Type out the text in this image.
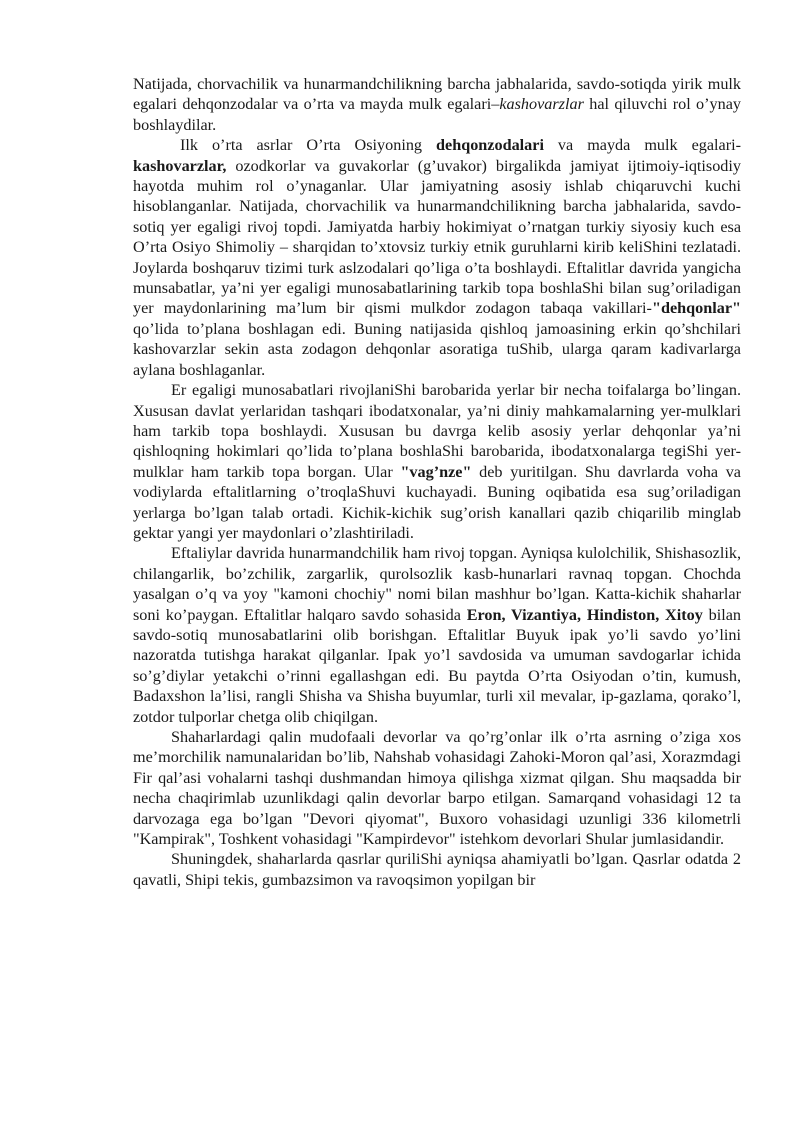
Natijada, chorvachilik va hunarmandchilikning barcha jabhalarida, savdo-sotiqda yirik mulk egalari dehqonzodalar va o’rta va mayda mulk egalari–kashovarzlar hal qiluvchi rol o’ynay boshlaydilar.

Ilk o’rta asrlar O’rta Osiyoning dehqonzodalari va mayda mulk egalari-kashovarzlar, ozodkorlar va guvakorlar (g’uvakor) birgalikda jamiyat ijtimoiy-iqtisodiy hayotda muhim rol o’ynaganlar. Ular jamiyatning asosiy ishlab chiqaruvchi kuchi hisoblanganlar. Natijada, chorvachilik va hunarmandchilikning barcha jabhalarida, savdo-sotiq yer egaligi rivoj topdi. Jamiyatda harbiy hokimiyat o’rnatgan turkiy siyosiy kuch esa O’rta Osiyo Shimoliy – sharqidan to’xtovsiz turkiy etnik guruhlarni kirib keliShini tezlatadi. Joylarda boshqaruv tizimi turk aslzodalari qo’liga o’ta boshlaydi. Eftalitlar davrida yangicha munsabatlar, ya’ni yer egaligi munosabatlarining tarkib topa boshlaShi bilan sug’oriladigan yer maydonlarining ma’lum bir qismi mulkdor zodagon tabaqa vakillari-"dehqonlar" qo’lida to’plana boshlagan edi. Buning natijasida qishloq jamoasining erkin qo’shchilari kashovarzlar sekin asta zodagon dehqonlar asoratiga tuShib, ularga qaram kadivarlarga aylana boshlaganlar.

Er egaligi munosabatlari rivojlaniShi barobarida yerlar bir necha toifalarga bo’lingan. Xususan davlat yerlaridan tashqari ibodatxonalar, ya’ni diniy mahkamalarning yer-mulklari ham tarkib topa boshlaydi. Xususan bu davrga kelib asosiy yerlar dehqonlar ya’ni qishloqning hokimlari qo’lida to’plana boshlaShi barobarida, ibodatxonalarga tegiShi yer-mulklar ham tarkib topa borgan. Ular "vag’nze" deb yuritilgan. Shu davrlarda voha va vodiylarda eftalitlarning o’troqlaShuvi kuchayadi. Buning oqibatida esa sug’oriladigan yerlarga bo’lgan talab ortadi. Kichik-kichik sug’orish kanallari qazib chiqarilib minglab gektar yangi yer maydonlari o’zlashtiriladi.

Eftaliylar davrida hunarmandchilik ham rivoj topgan. Ayniqsa kulolchilik, Shishasozlik, chilangarlik, bo’zchilik, zargarlik, qurolsozlik kasb-hunarlari ravnaq topgan. Chochda yasalgan o’q va yoy "kamoni chochiy" nomi bilan mashhur bo’lgan. Katta-kichik shaharlar soni ko’paygan. Eftalitlar halqaro savdo sohasida Eron, Vizantiya, Hindiston, Xitoy bilan savdo-sotiq munosabatlarini olib borishgan. Eftalitlar Buyuk ipak yo’li savdo yo’lini nazoratda tutishga harakat qilganlar. Ipak yo’l savdosida va umuman savdogarlar ichida so’g’diylar yetakchi o’rinni egallashgan edi. Bu paytda O’rta Osiyodan o’tin, kumush, Badaxshon la’lisi, rangli Shisha va Shisha buyumlar, turli xil mevalar, ip-gazlama, qorako’l, zotdor tulporlar chetga olib chiqilgan.

Shaharlardagi qalin mudofaali devorlar va qo’rg’onlar ilk o’rta asrning o’ziga xos me’morchilik namunalaridan bo’lib, Nahshab vohasidagi Zahoki-Moron qal’asi, Xorazmdagi Fir qal’asi vohalarni tashqi dushmandan himoya qilishga xizmat qilgan. Shu maqsadda bir necha chaqirimlab uzunlikdagi qalin devorlar barpo etilgan. Samarqand vohasidagi 12 ta darvozaga ega bo’lgan "Devori qiyomat", Buxoro vohasidagi uzunligi 336 kilometrli "Kampirak", Toshkent vohasidagi "Kampirdevor" istehkom devorlari Shular jumlasidandir.

Shuningdek, shaharlarda qasrlar quriliShi ayniqsa ahamiyatli bo’lgan. Qasrlar odatda 2 qavatli, Shipi tekis, gumbazsimon va ravoqsimon yopilgan bir
